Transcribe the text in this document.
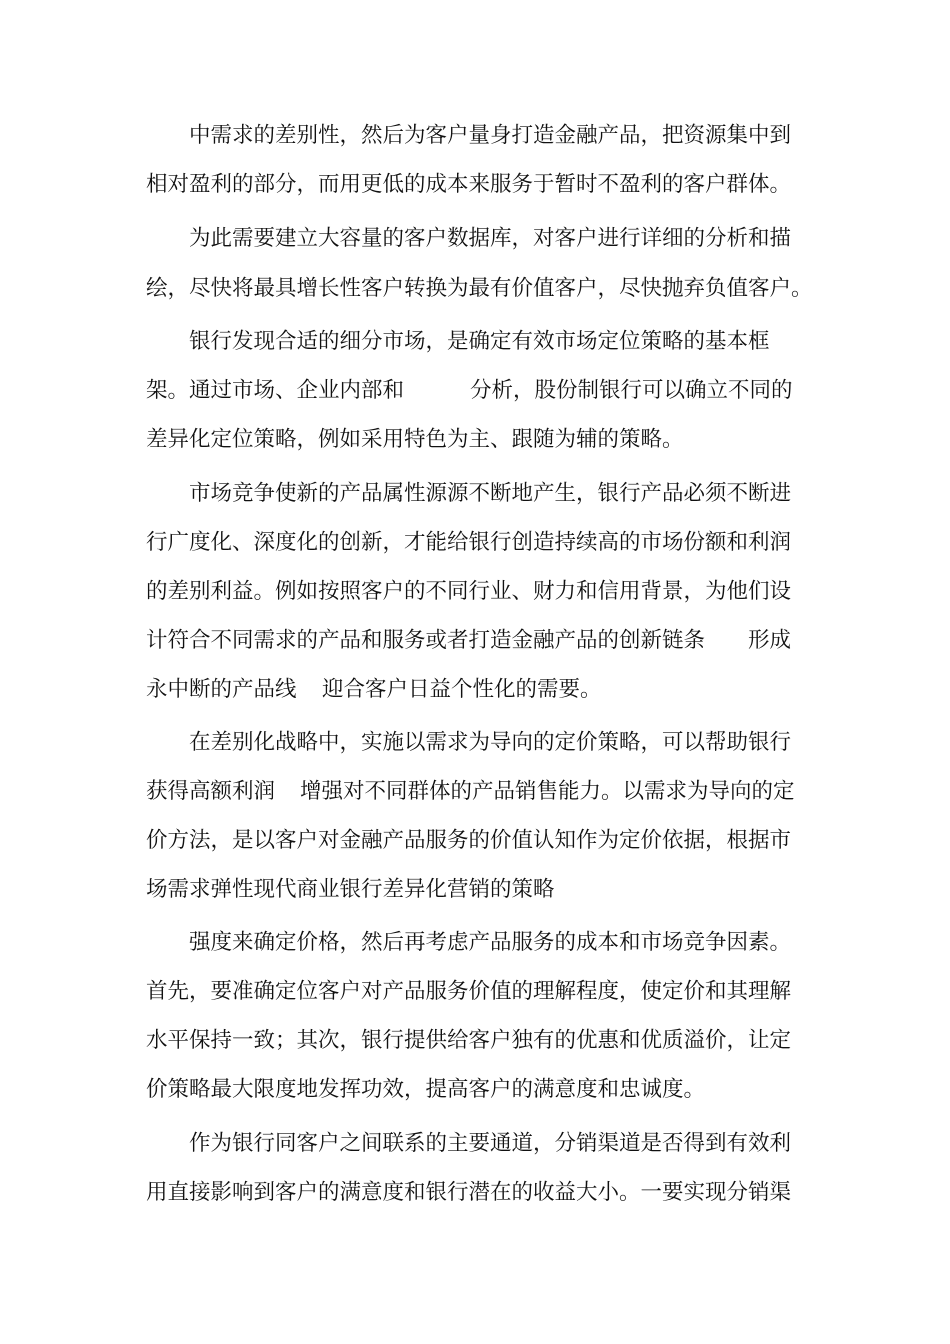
中需求的差别性，然后为客户量身打造金融产品，把资源集中到
相对盈利的部分，而用更低的成本来服务于暂时不盈利的客户群体。
为此需要建立大容量的客户数据库，对客户进行详细的分析和描
绘，尽快将最具增长性客户转换为最有价值客户，尽快抛弃负值客户。
银行发现合适的细分市场，是确定有效市场定位策略的基本框
架。通过市场、企业内部和	分析，股份制银行可以确立不同的
差异化定位策略，例如采用特色为主、跟随为辅的策略。
市场竞争使新的产品属性源源不断地产生，银行产品必须不断进
行广度化、深度化的创新，才能给银行创造持续高的市场份额和利润
的差别利益。例如按照客户的不同行业、财力和信用背景，为他们设
计符合不同需求的产品和服务或者打造金融产品的创新链条	形成
永中断的产品线	迎合客户日益个性化的需要。
在差别化战略中，实施以需求为导向的定价策略，可以帮助银行
获得高额利润	增强对不同群体的产品销售能力。以需求为导向的定
价方法，是以客户对金融产品服务的价值认知作为定价依据，根据市
场需求弹性现代商业银行差异化营销的策略
强度来确定价格，然后再考虑产品服务的成本和市场竞争因素。
首先，要准确定位客户对产品服务价值的理解程度，使定价和其理解
水平保持一致；其次，银行提供给客户独有的优惠和优质溢价，让定
价策略最大限度地发挥功效，提高客户的满意度和忠诚度。
作为银行同客户之间联系的主要通道，分销渠道是否得到有效利
用直接影响到客户的满意度和银行潜在的收益大小。一要实现分销渠
